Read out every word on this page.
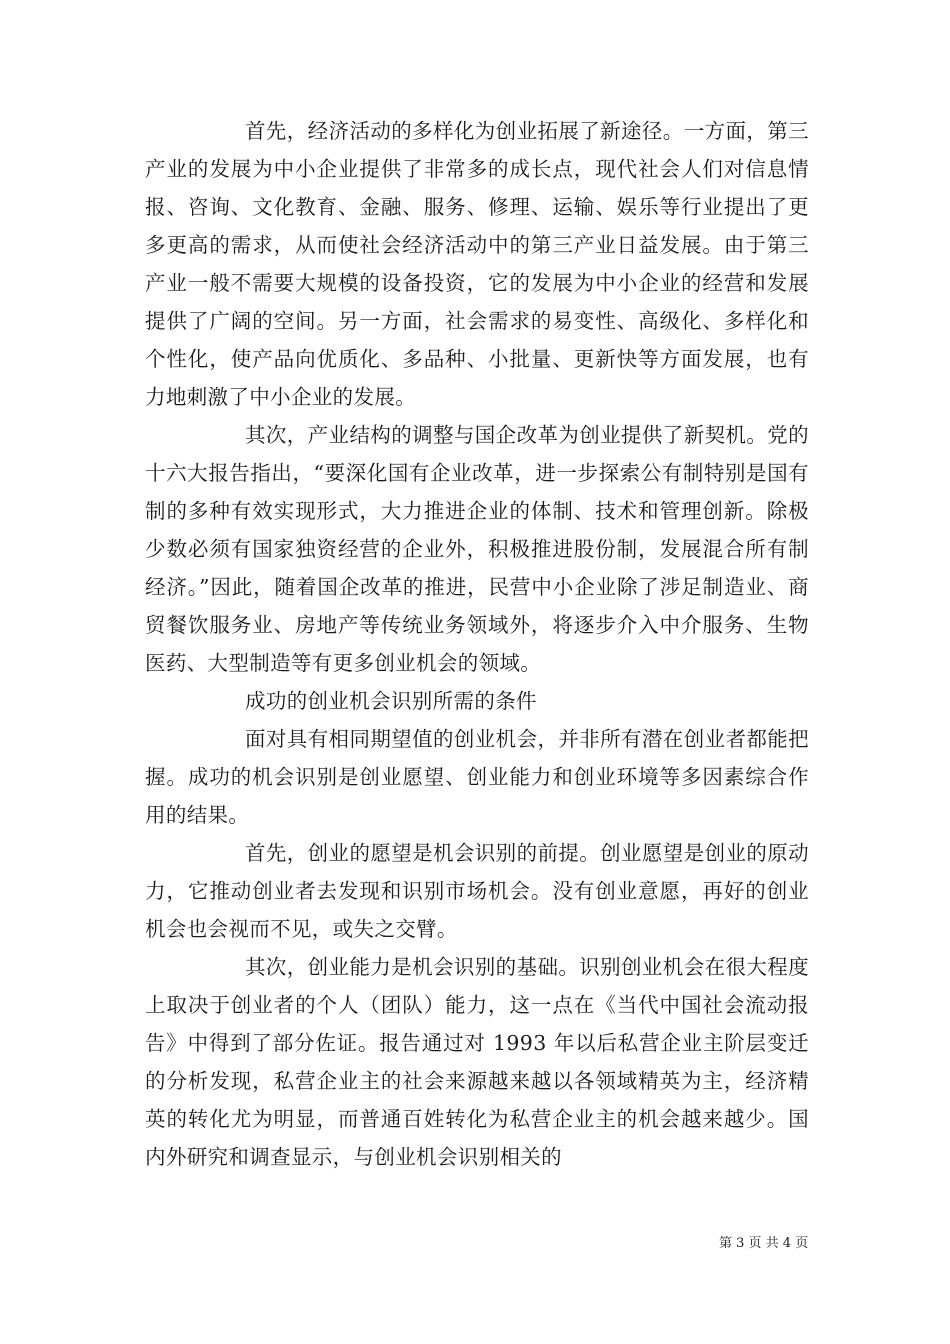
首先，经济活动的多样化为创业拓展了新途径。一方面，第三产业的发展为中小企业提供了非常多的成长点，现代社会人们对信息情报、咨询、文化教育、金融、服务、修理、运输、娱乐等行业提出了更多更高的需求，从而使社会经济活动中的第三产业日益发展。由于第三产业一般不需要大规模的设备投资，它的发展为中小企业的经营和发展提供了广阔的空间。另一方面，社会需求的易变性、高级化、多样化和个性化，使产品向优质化、多品种、小批量、更新快等方面发展，也有力地刺激了中小企业的发展。

其次，产业结构的调整与国企改革为创业提供了新契机。党的十六大报告指出，“要深化国有企业改革，进一步探索公有制特别是国有制的多种有效实现形式，大力推进企业的体制、技术和管理创新。除极少数必须有国家独资经营的企业外，积极推进股份制，发展混合所有制经济。”因此，随着国企改革的推进，民营中小企业除了涉足制造业、商贸餐饮服务业、房地产等传统业务领域外，将逐步介入中介服务、生物医药、大型制造等有更多创业机会的领域。

成功的创业机会识别所需的条件

面对具有相同期望值的创业机会，并非所有潜在创业者都能把握。成功的机会识别是创业愿望、创业能力和创业环境等多因素综合作用的结果。

首先，创业的愿望是机会识别的前提。创业愿望是创业的原动力，它推动创业者去发现和识别市场机会。没有创业意愿，再好的创业机会也会视而不见，或失之交臂。

其次，创业能力是机会识别的基础。识别创业机会在很大程度上取决于创业者的个人（团队）能力，这一点在《当代中国社会流动报告》中得到了部分佐证。报告通过对 1993 年以后私营企业主阶层变迁的分析发现，私营企业主的社会来源越来越以各领域精英为主，经济精英的转化尤为明显，而普通百姓转化为私营企业主的机会越来越少。国内外研究和调查显示，与创业机会识别相关的

第 3 页 共 4 页
